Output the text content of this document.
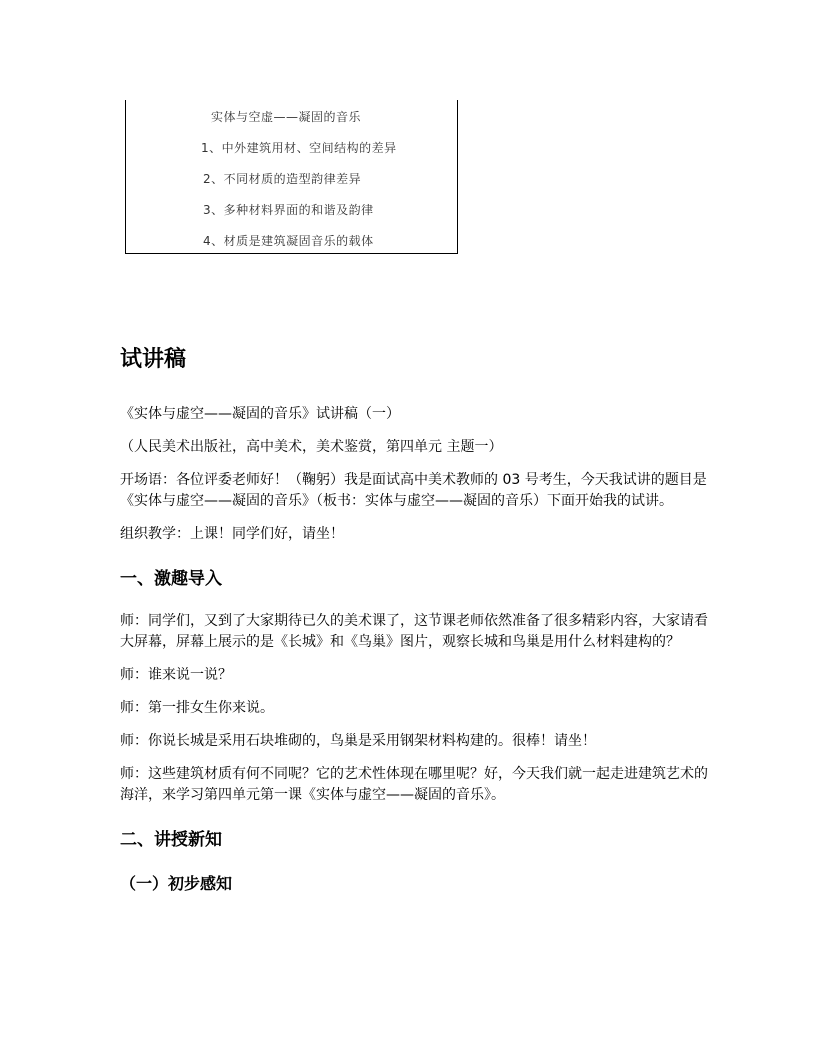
实体与空虚——凝固的音乐
1、中外建筑用材、空间结构的差异
2、不同材质的造型韵律差异
3、多种材料界面的和谐及韵律
4、材质是建筑凝固音乐的载体
试讲稿

《实体与虚空——凝固的音乐》试讲稿（一）

（人民美术出版社，高中美术，美术鉴赏，第四单元 主题一）

开场语：各位评委老师好！（鞠躬）我是面试高中美术教师的 03 号考生，今天我试讲的题目是《实体与虚空——凝固的音乐》（板书：实体与虚空——凝固的音乐）下面开始我的试讲。

组织教学：上课！同学们好，请坐！

一、激趣导入

师：同学们，又到了大家期待已久的美术课了，这节课老师依然准备了很多精彩内容，大家请看大屏幕，屏幕上展示的是《长城》和《鸟巢》图片，观察长城和鸟巢是用什么材料建构的？

师：谁来说一说？

师：第一排女生你来说。

师：你说长城是采用石块堆砌的，鸟巢是采用钢架材料构建的。很棒！请坐！

师：这些建筑材质有何不同呢？它的艺术性体现在哪里呢？好，今天我们就一起走进建筑艺术的海洋，来学习第四单元第一课《实体与虚空——凝固的音乐》。

二、讲授新知
（一）初步感知
